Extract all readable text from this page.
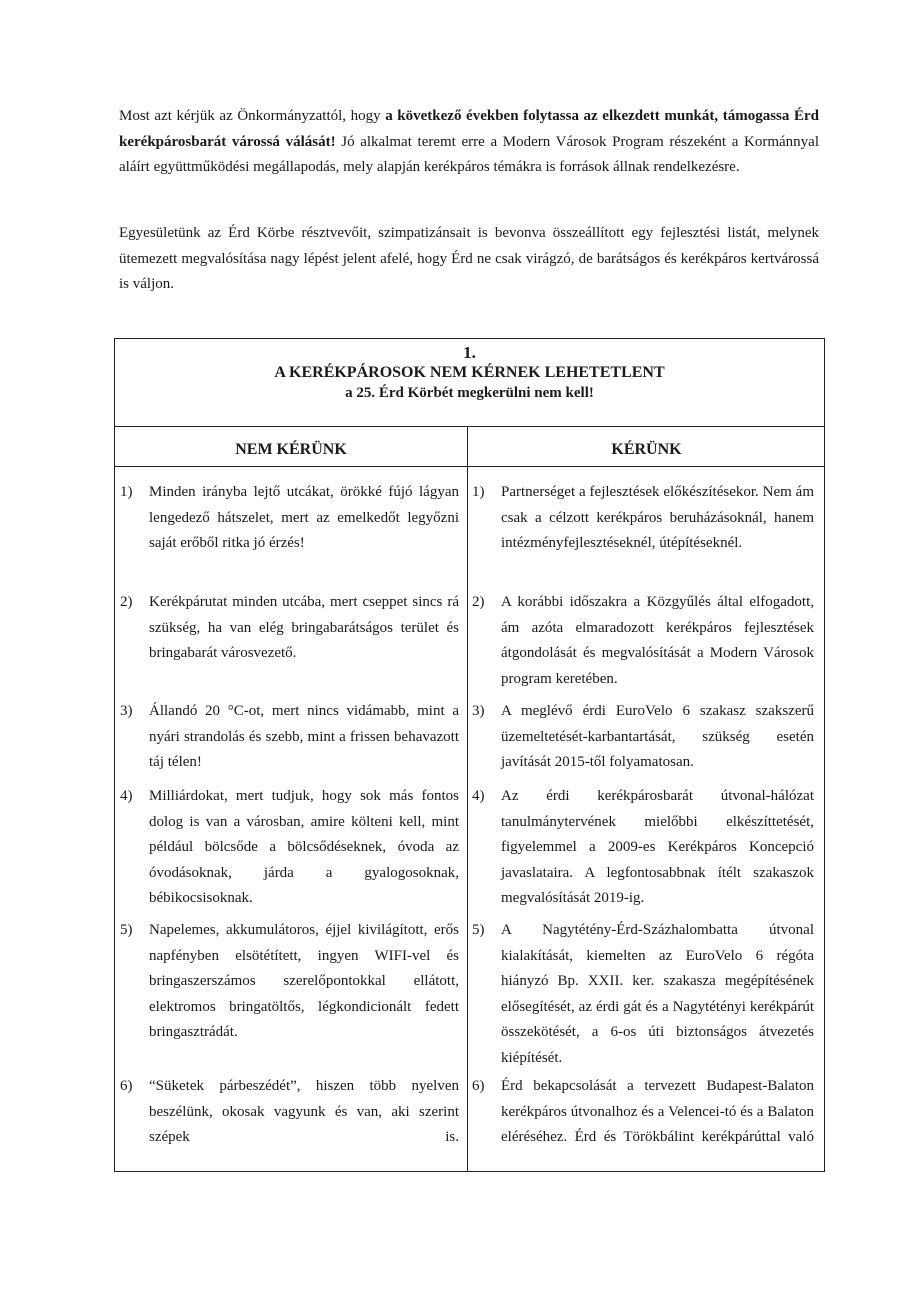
Most azt kérjük az Önkormányzattól, hogy a következő években folytassa az elkezdett munkát, támogassa Érd kerékpárosbarát várossá válását! Jó alkalmat teremt erre a Modern Városok Program részeként a Kormánnyal aláírt együttműködési megállapodás, mely alapján kerékpáros témákra is források állnak rendelkezésre.

Egyesületünk az Érd Körbe résztvevőit, szimpatizánsait is bevonva összeállított egy fejlesztési listát, melynek ütemezett megvalósítása nagy lépést jelent afelé, hogy Érd ne csak virágzó, de barátságos és kerékpáros kertvárossá is váljon.

1.
A KERÉKPÁROSOK NEM KÉRNEK LEHETETLENT
a 25. Érd Körbét megkerülni nem kell!
NEM KÉRÜNK	KÉRÜNK
1) Minden irányba lejtő utcákat, örökké fújó lágyan lengedező hátszelet, mert az emelkedőt legyőzni saját erőből ritka jó érzés!
2) Kerékpárutat minden utcába, mert cseppet sincs rá szükség, ha van elég bringabarátságos terület és bringabarát városvezető.
3) Állandó 20 °C-ot, mert nincs vidámabb, mint a nyári strandolás és szebb, mint a frissen behavazott táj télen!
4) Milliárdokat, mert tudjuk, hogy sok más fontos dolog is van a városban, amire költeni kell, mint például bölcsőde a bölcsődéseknek, óvoda az óvodásoknak, járda a gyalogosoknak, bébikocsisoknak.
5) Napelemes, akkumulátoros, éjjel kivilágított, erős napfényben elsötétített, ingyen WIFI-vel és bringaszerszámos szerelőpontokkal ellátott, elektromos bringatöltős, légkondicionált fedett bringasztrádát.
6) “Süketek párbeszédét”, hiszen több nyelven beszélünk, okosak vagyunk és van, aki szerint szépek is.
1) Partnerséget a fejlesztések előkészítésekor. Nem ám csak a célzott kerékpáros beruházásoknál, hanem intézményfejlesztéseknél, útépítéseknél.
2) A korábbi időszakra a Közgyűlés által elfogadott, ám azóta elmaradozott kerékpáros fejlesztések átgondolását és megvalósítását a Modern Városok program keretében.
3) A meglévő érdi EuroVelo 6 szakasz szakszerű üzemeltetését-karbantartását, szükség esetén javítását 2015-től folyamatosan.
4) Az érdi kerékpárosbarát útvonal-hálózat tanulmánytervének mielőbbi elkészíttetését, figyelemmel a 2009-es Kerékpáros Koncepció javaslataira. A legfontosabbnak ítélt szakaszok megvalósítását 2019-ig.
5) A Nagytétény-Érd-Százhalombatta útvonal kialakítását, kiemelten az EuroVelo 6 régóta hiányzó Bp. XXII. ker. szakasza megépítésének elősegítését, az érdi gát és a Nagytétényi kerékpárút összekötését, a 6-os úti biztonságos átvezetés kiépítését.
6) Érd bekapcsolását a tervezett Budapest-Balaton kerékpáros útvonalhoz és a Velencei-tó és a Balaton eléréséhez. Érd és Törökbálint kerékpárúttal való
